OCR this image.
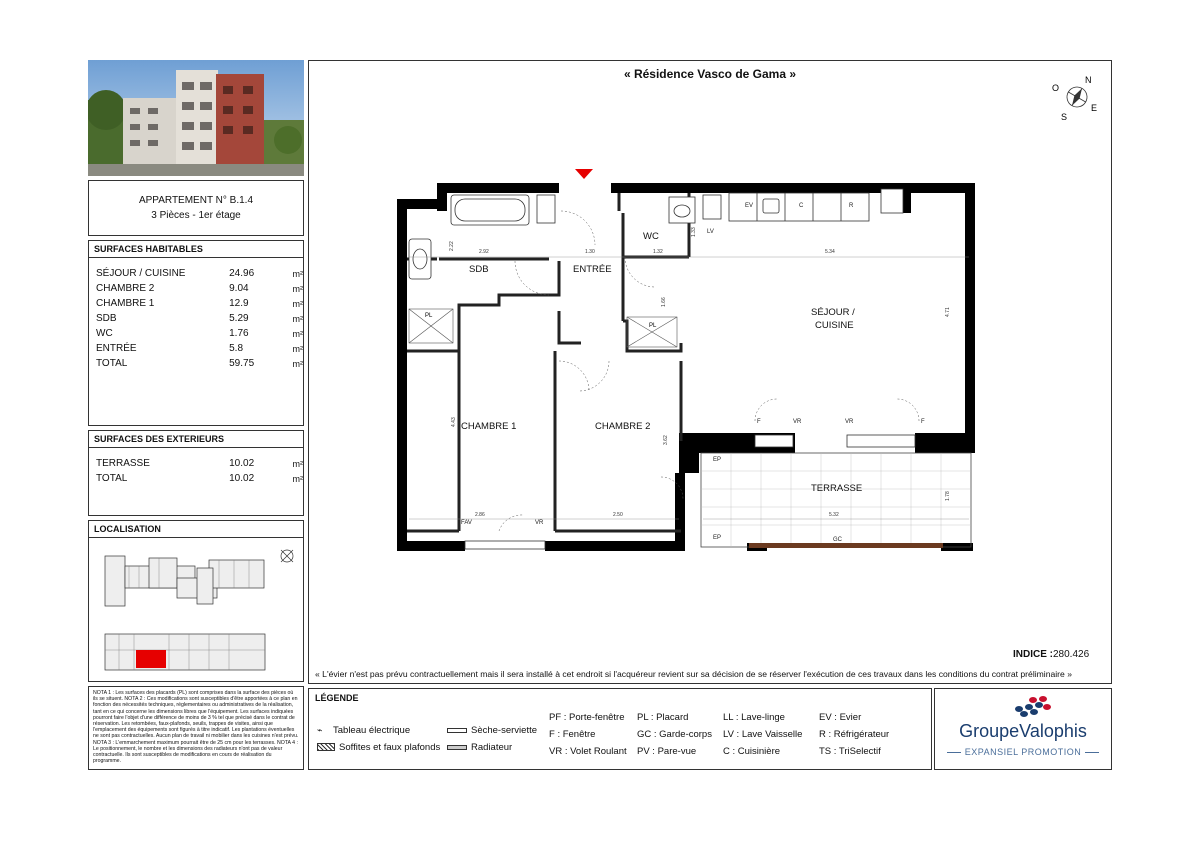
APPARTEMENT N° B.1.4
3 Pièces - 1er étage
SURFACES HABITABLES
SÉJOUR / CUISINE	24.96	m²
CHAMBRE 2	9.04	m²
CHAMBRE 1	12.9	m²
SDB	5.29	m²
WC	1.76	m²
ENTRÉE	5.8	m²
TOTAL	59.75	m²
SURFACES DES EXTERIEURS
TERRASSE	10.02	m²
TOTAL	10.02	m²
LOCALISATION
NOTA 1 : Les surfaces des placards (PL) sont comprises dans la surface des pièces où ils se situent. NOTA 2 : Ces modifications sont susceptibles d'être apportées à ce plan en fonction des nécessités techniques, réglementaires ou administratives de la réalisation, tant en ce qui concerne les dimensions libres que l'équipement. Les surfaces indiquées pourront faire l'objet d'une différence de moins de 3 % tel que précisé dans le contrat de réservation. Les retombées, faux-plafonds, seuils, trappes de visites, ainsi que l'emplacement des équipements sont figurés à titre indicatif. Les plantations éventuelles ne sont pas contractuelles. Aucun plan de travail ni mobilier dans les cuisines n'est prévu. NOTA 3 : L'emmarchement maximum pourrait être de 25 cm pour les terrasses. NOTA 4 : Le positionnement, le nombre et les dimensions des radiateurs n'ont pas de valeur contractuelle. Ils sont susceptibles de modifications en cours de réalisation du programme.
« Résidence Vasco de Gama »	N
O
S
E
PL
PL
2.92	1.30	1.32	5.34
2.22
1.33
1.66
4.71
4.43
3.62
2.86	2.50	5.32
1.78
F	VR	VR	F
FAV	VR
EP
EP	GC
EV	C	R
LV
SDB	ENTRÉE
WC
SÉJOUR /
CUISINE
CHAMBRE 1	CHAMBRE 2
TERRASSE
INDICE :280.426
« L'évier n'est pas prévu contractuellement mais il sera installé à cet endroit si l'acquéreur revient sur sa décision de se réserver l'exécution de ces travaux dans les conditions du contrat préliminaire »
LÉGENDE
⌁ Tableau électrique
Soffites et faux plafonds
Sèche-serviette
Radiateur
PF : Porte-fenêtre
F : Fenêtre
VR : Volet Roulant
PL : Placard
GC : Garde-corps
PV : Pare-vue
LL : Lave-linge
LV : Lave Vaisselle
C : Cuisinière
EV : Evier
R : Réfrigérateur
TS : TriSelectif
GroupeValophis
EXPANSIEL PROMOTION
